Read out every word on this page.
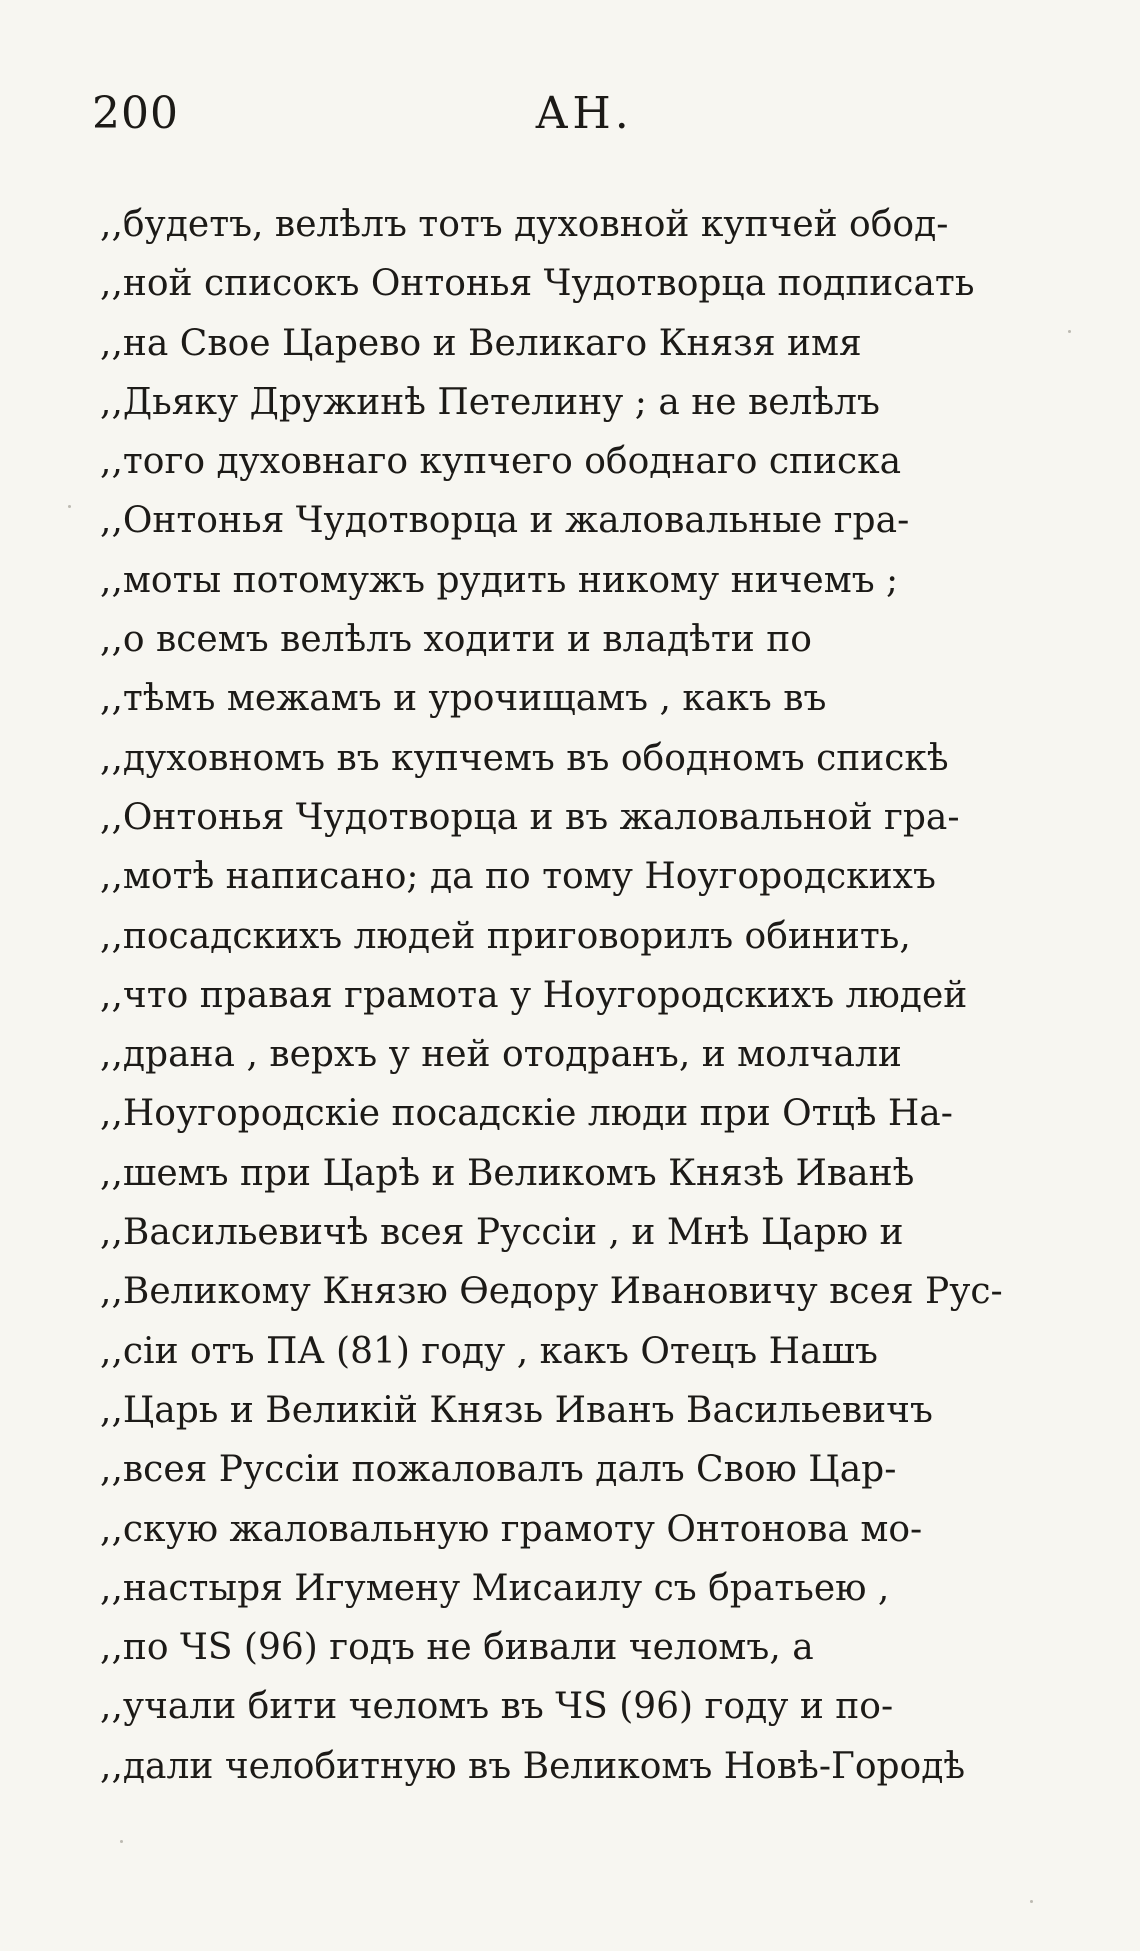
200	АН.
,,будетъ, велѣлъ тотъ духовной купчей обод-
,,ной списокъ Онтонья Чудотворца подписать
,,на Свое Царево и Великаго Князя имя
,,Дьяку Дружинѣ Петелину ; а не велѣлъ
,,того духовнаго купчего ободнаго списка
,,Онтонья Чудотворца и жаловальные гра-
,,моты потомужъ рудить никому ничемъ ;
,,о всемъ велѣлъ ходити и владѣти по
,,тѣмъ межамъ и урочищамъ , какъ въ
,,духовномъ въ купчемъ въ ободномъ спискѣ
,,Онтонья Чудотворца и въ жаловальной гра-
,,мотѣ написано; да по тому Ноугородскихъ
,,посадскихъ людей приговорилъ обинить,
,,что правая грамота у Ноугородскихъ людей
,,драна , верхъ у ней отодранъ, и молчали
,,Ноугородскіе посадскіе люди при Отцѣ На-
,,шемъ при Царѣ и Великомъ Князѣ Иванѣ
,,Васильевичѣ всея Руссіи , и Мнѣ Царю и
,,Великому Князю Өедору Ивановичу всея Рус-
,,сіи отъ ПА (81) году , какъ Отецъ Нашъ
,,Царь и Великій Князь Иванъ Васильевичъ
,,всея Руссіи пожаловалъ далъ Свою Цар-
,,скую жаловальную грамоту Онтонова мо-
,,настыря Игумену Мисаилу съ братьею ,
,,по ЧS (96) годъ не бивали челомъ, а
,,учали бити челомъ въ ЧS (96) году и по-
,,дали челобитную въ Великомъ Новѣ-Городѣ
